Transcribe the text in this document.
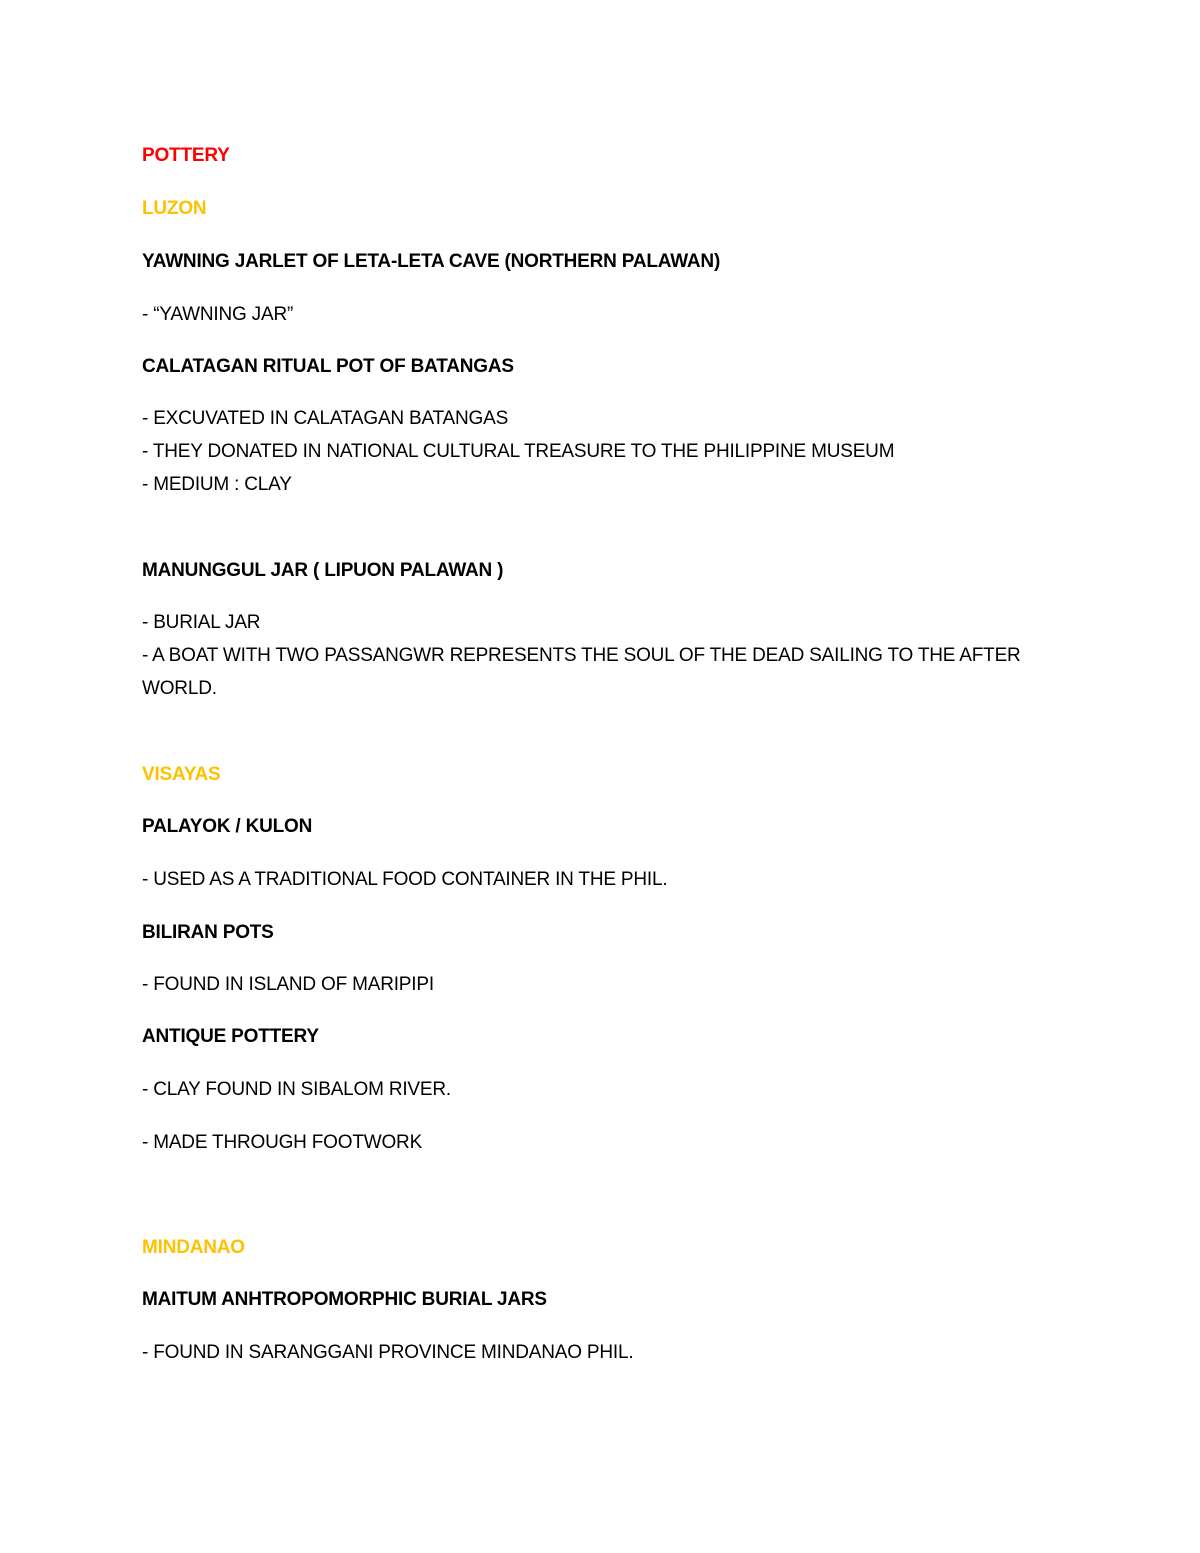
POTTERY
LUZON
YAWNING JARLET OF LETA-LETA CAVE (NORTHERN PALAWAN)
- “YAWNING JAR”
CALATAGAN RITUAL POT OF BATANGAS
- EXCUVATED IN CALATAGAN BATANGAS
- THEY DONATED IN NATIONAL CULTURAL TREASURE TO THE PHILIPPINE MUSEUM
- MEDIUM : CLAY
MANUNGGUL JAR ( LIPUON PALAWAN )
- BURIAL JAR
- A BOAT WITH TWO PASSANGWR REPRESENTS THE SOUL OF THE DEAD SAILING TO THE AFTER
WORLD.
VISAYAS
PALAYOK / KULON
- USED AS A TRADITIONAL FOOD CONTAINER IN THE PHIL.
BILIRAN POTS
- FOUND IN ISLAND OF MARIPIPI
ANTIQUE POTTERY
- CLAY FOUND IN SIBALOM RIVER.
- MADE THROUGH FOOTWORK
MINDANAO
MAITUM ANHTROPOMORPHIC BURIAL JARS
- FOUND IN SARANGGANI PROVINCE MINDANAO PHIL.
